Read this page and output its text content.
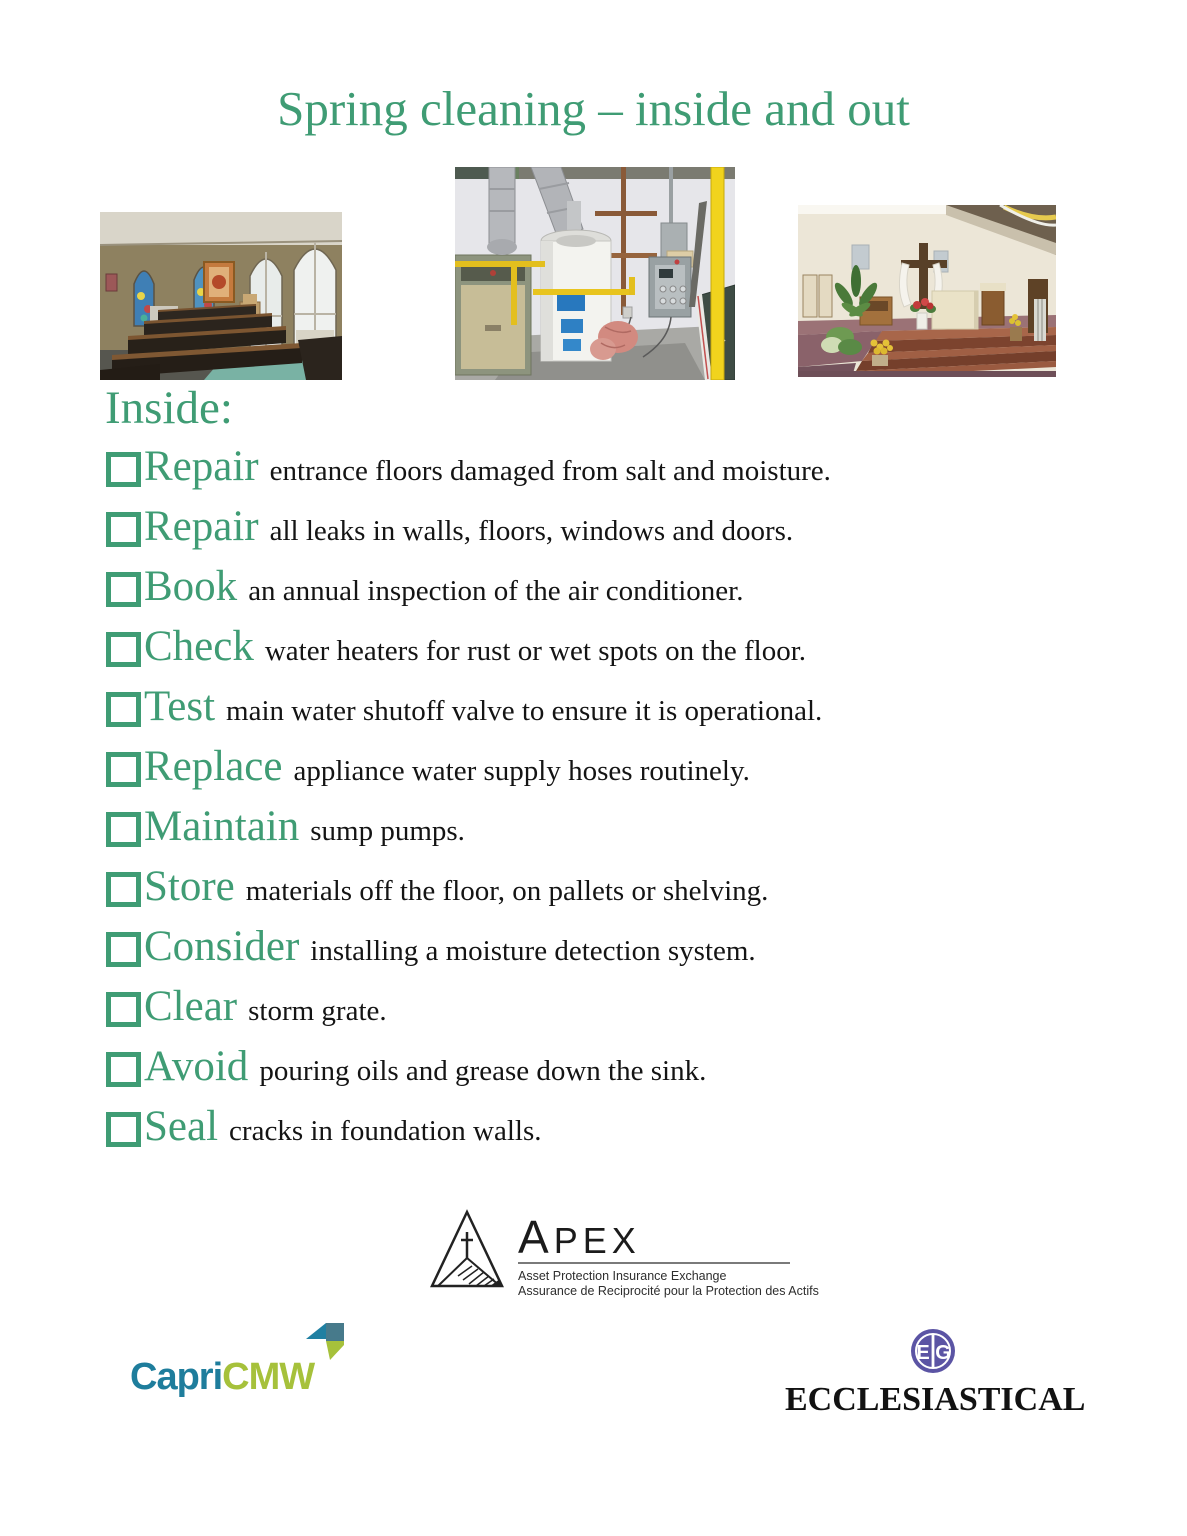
Spring cleaning – inside and out
Inside:
Repair entrance floors damaged from salt and moisture.
Repair all leaks in walls, floors, windows and doors.
Book an annual inspection of the air conditioner.
Check water heaters for rust or wet spots on the floor.
Test main water shutoff valve to ensure it is operational.
Replace appliance water supply hoses routinely.
Maintain sump pumps.
Store materials off the floor, on pallets or shelving.
Consider installing a moisture detection system.
Clear storm grate.
Avoid pouring oils and grease down the sink.
Seal cracks in foundation walls.
APEX
Asset Protection Insurance Exchange
Assurance de Reciprocité pour la Protection des Actifs
CapriCMW
E G
ECCLESIASTICAL
